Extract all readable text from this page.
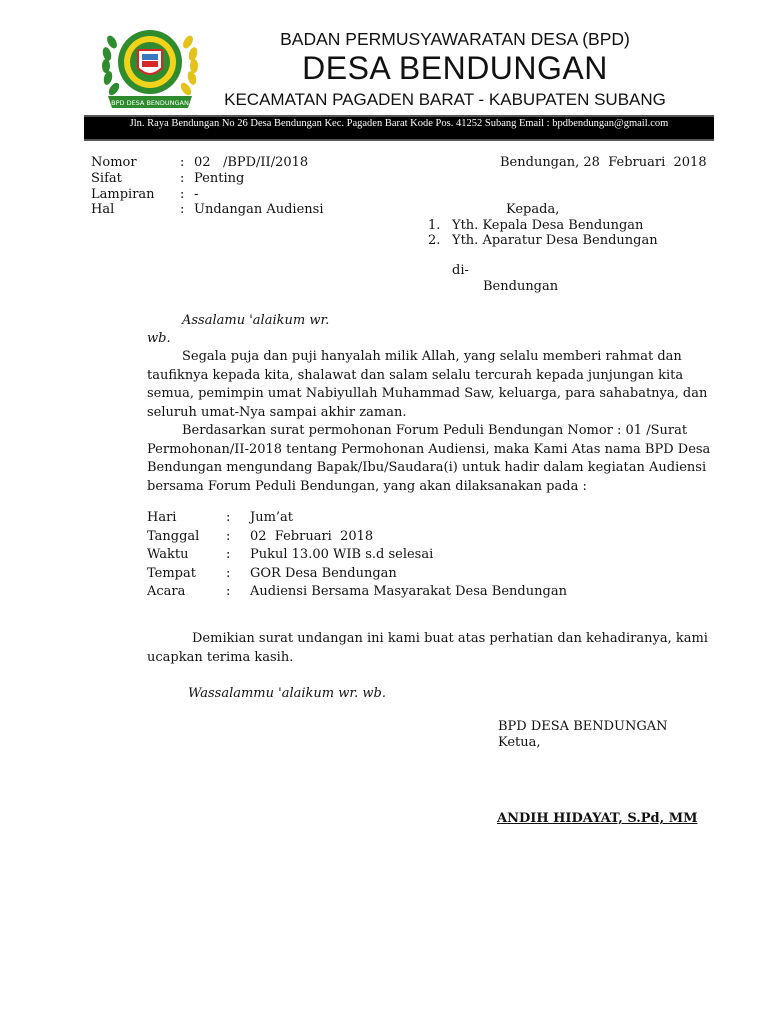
BPD DESA BENDUNGAN
BADAN PERMUSYAWARATAN DESA (BPD)
DESA BENDUNGAN
KECAMATAN PAGADEN BARAT - KABUPATEN SUBANG
Jln. Raya Bendungan No 26 Desa Bendungan Kec. Pagaden Barat Kode Pos. 41252 Subang Email : bpdbendungan@gmail.com
Nomor	: 02   /BPD/II/2018
Sifat	: Penting
Lampiran : -
Hal	: Undangan Audiensi
Bendungan, 28  Februari  2018
Kepada,
1. Yth. Kepala Desa Bendungan
2. Yth. Aparatur Desa Bendungan
di-
Bendungan
Assalamu 'alaikum wr.
wb.
Segala puja dan puji hanyalah milik Allah, yang selalu memberi rahmat dan
taufiknya kepada kita, shalawat dan salam selalu tercurah kepada junjungan kita
semua, pemimpin umat Nabiyullah Muhammad Saw, keluarga, para sahabatnya, dan
seluruh umat-Nya sampai akhir zaman.
Berdasarkan surat permohonan Forum Peduli Bendungan Nomor : 01 /Surat
Permohonan/II-2018 tentang Permohonan Audiensi, maka Kami Atas nama BPD Desa
Bendungan mengundang Bapak/Ibu/Saudara(i) untuk hadir dalam kegiatan Audiensi
bersama Forum Peduli Bendungan, yang akan dilaksanakan pada :
Hari	: Jum’at
Tanggal : 02  Februari  2018
Waktu	: Pukul 13.00 WIB s.d selesai
Tempat : GOR Desa Bendungan
Acara	: Audiensi Bersama Masyarakat Desa Bendungan
Demikian surat undangan ini kami buat atas perhatian dan kehadiranya, kami
ucapkan terima kasih.
Wassalammu 'alaikum wr. wb.
BPD DESA BENDUNGAN
Ketua,
ANDIH HIDAYAT, S.Pd, MM
